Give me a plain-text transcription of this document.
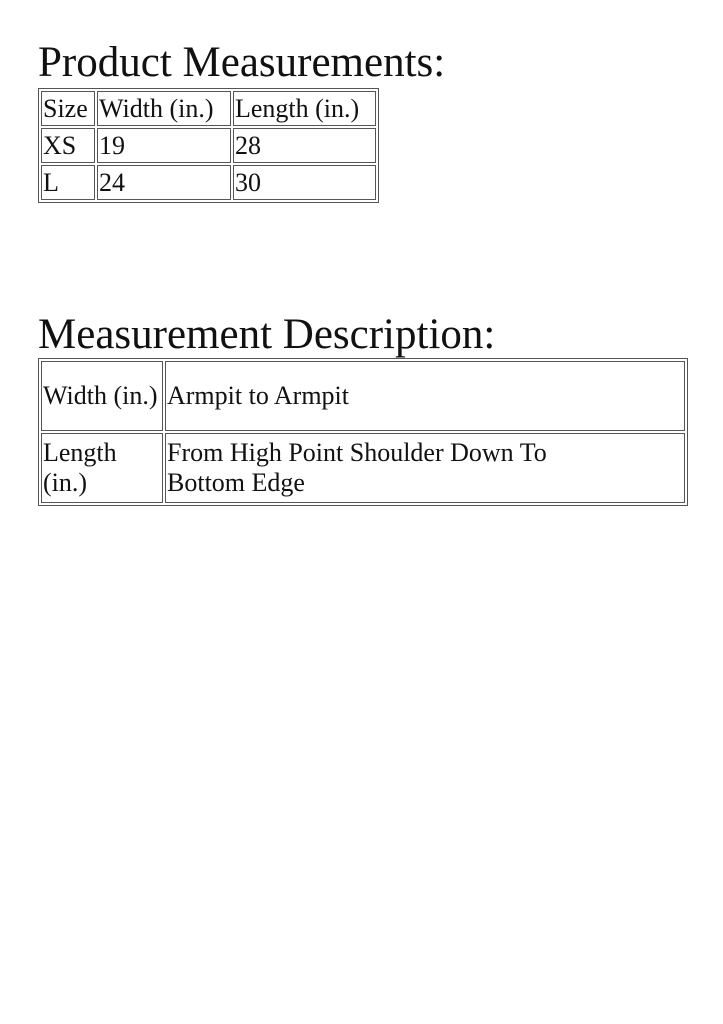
Product Measurements:
Size	Width (in.)	Length (in.)
XS	19	28
L	24	30
Measurement Description:
Width (in.)	Armpit to Armpit
Length (in.)	From High Point Shoulder Down To Bottom Edge
